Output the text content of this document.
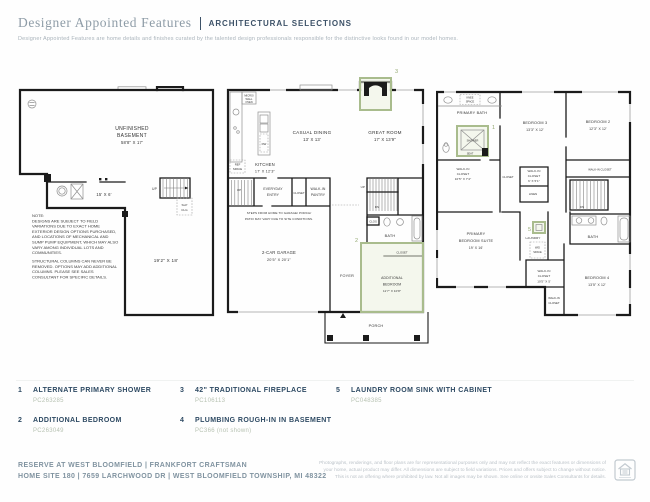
Designer Appointed Features ARCHITECTURAL SELECTIONS
Designer Appointed Features are home details and finishes curated by the talented design professionals responsible for the distinctive looks found in our model homes.
UNFINISHED
BASEMENT
58'8" X 17'
15' X 6'
19'2" X 18'
UP
SLP
CLG
NOTE:
DESIGNS ARE SUBJECT TO FIELD
VARIATIONS DUE TO EXACT HOME
EXTERIOR DESIGN OPTIONS PURCHASED,
AND LOCATIONS OF MECHANICAL AND
SUMP PUMP EQUIPMENT, WHICH MAY ALSO
VARY AMONG INDIVIDUAL LOTS AND
COMMUNITIES.
STRUCTURAL COLUMNS CAN NEVER BE
REMOVED. OPTIONS MAY ADD ADDITIONAL
COLUMNS. PLEASE SEE SALES
CONSULTANT FOR SPECIFIC DETAILS.
3
MICRO/
WALL
OVEN
DW
REF
SPACE
KITCHEN
17' X 12'3"
CASUAL DINING
13' X 13'
GREAT ROOM
17' X 13'9"
UP	EVERYDAY
ENTRY	CLOSET
WALK-IN
PANTRY
STEPS FROM HOME TO GARAGE/ PORCH/
PATIO MAY VARY DUE TO SITE CONDITIONS.
2-CAR GARAGE
20'5" X 20'1"
UP
DN
CLOS
BATH
FOYER
2
CLOSET
ADDITIONAL
BEDROOM
11'7" X 10'8"
PORCH
KNEE
SPACE
PRIMARY BATH
SHOWER
SEAT
1
WALK-IN
CLOSET
10'5" X 7'4"	CLOSET
BEDROOM 3
13'3" X 12'
BEDROOM 2
12'3" X 12'
WALK-IN
CLOSET
6' X 5'1"
WALK-IN CLOSET
LINEN
DN
PRIMARY
BEDROOM SUITE
19' X 16'
5
LAUNDRY
W/D
SPACE
BATH
WALK-IN
CLOSET
10'5" X 5'
BEDROOM 4
13'5" X 12'
WALK-IN
CLOSET
1	ALTERNATE PRIMARY SHOWER
PC263285
2	ADDITIONAL BEDROOM
PC263049
3	42" TRADITIONAL FIREPLACE
PC106113
4	PLUMBING ROUGH-IN IN BASEMENT
PC366 (not shown)
5	LAUNDRY ROOM SINK WITH CABINET
PC048385
RESERVE AT WEST BLOOMFIELD | FRANKFORT CRAFTSMAN
HOME SITE 180 | 7659 LARCHWOOD DR | WEST BLOOMFIELD TOWNSHIP, MI 48322
Photographs, renderings, and floor plans are for representational purposes only and may not reflect the exact features or dimensions of
your home, actual product may differ. All dimensions are subject to field variations. Prices and offers subject to change without notice.
This is not an offering where prohibited by law. Not all images may be shown. See online or onsite Sales Consultants for details.
